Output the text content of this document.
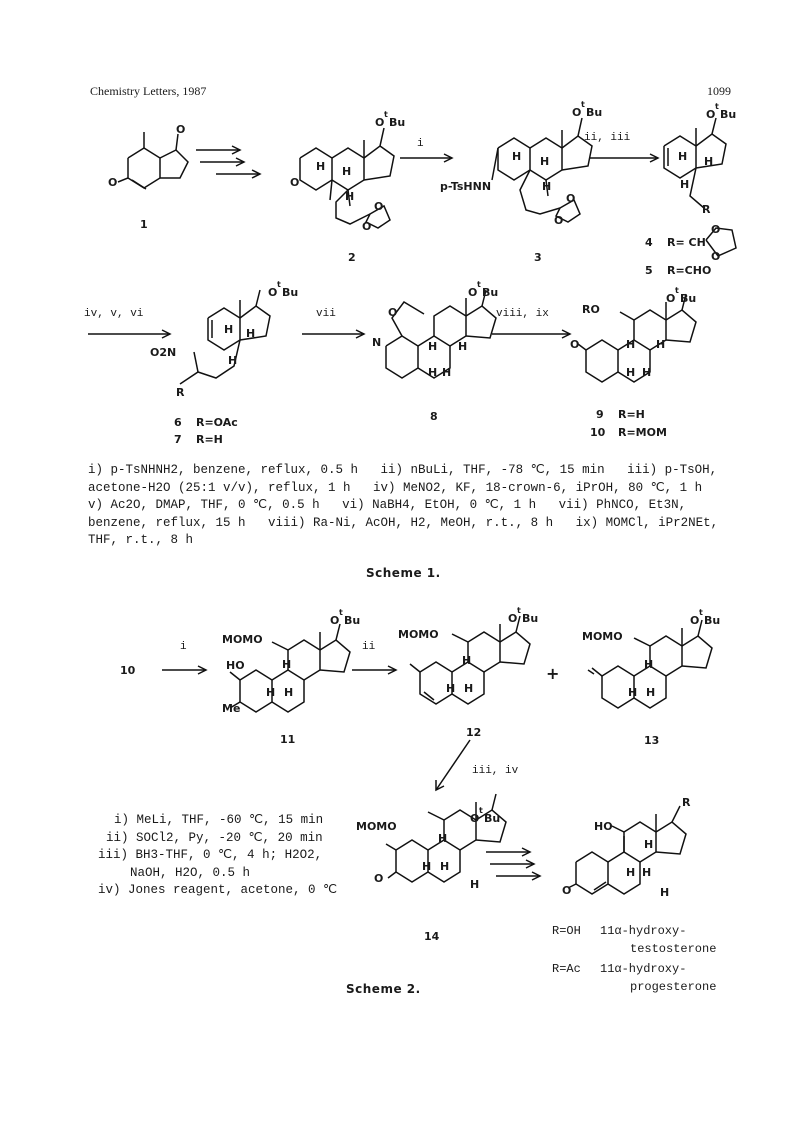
Chemistry Letters, 1987	1099
O
O
1
O
t
Bu
H H
H
O
O
O
2
i
O
t
Bu
H H
H
p-TsHNN
O
O
3
ii, iii
O
t
Bu
H H
H
R
4 R= CH
O
O
5 R=CHO
iv, v, vi	vii	viii, ix
O
t
Bu
H H
H
O2N
R
6 R=OAc
7 R=H
O
t
Bu
O
N	H H
H H
8
O
t
Bu
RO
O	H H
H H
9 R=H
10 R=MOM
i) p-TsNHNH2, benzene, reflux, 0.5 h   ii) nBuLi, THF, -78 ℃, 15 min   iii) p-TsOH,
acetone-H2O (25:1 v/v), reflux, 1 h   iv) MeNO2, KF, 18-crown-6, iPrOH, 80 ℃, 1 h
v) Ac2O, DMAP, THF, 0 ℃, 0.5 h   vi) NaBH4, EtOH, 0 ℃, 1 h   vii) PhNCO, Et3N,
benzene, reflux, 15 h   viii) Ra-Ni, AcOH, H2, MeOH, r.t., 8 h   ix) MOMCl, iPr2NEt,
THF, r.t., 8 h
Scheme 1.
10
i
MOMO
O
t
Bu
HO
Me
H
H H
11
ii
MOMO
O
t
Bu
H
H H
12
+
MOMO
O
t
Bu
H
H H
13
iii, iv
i) MeLi, THF, -60 ℃, 15 min
ii) SOCl2, Py, -20 ℃, 20 min
iii) BH3-THF, 0 ℃, 4 h; H2O2,
NaOH, H2O, 0.5 h
iv) Jones reagent, acetone, 0 ℃
MOMO
O
t
Bu
O
H
H H
H
14
HO
R
O
H
H H
H
R=OH 11α-hydroxy-
testosterone
R=Ac 11α-hydroxy-
progesterone
Scheme 2.
